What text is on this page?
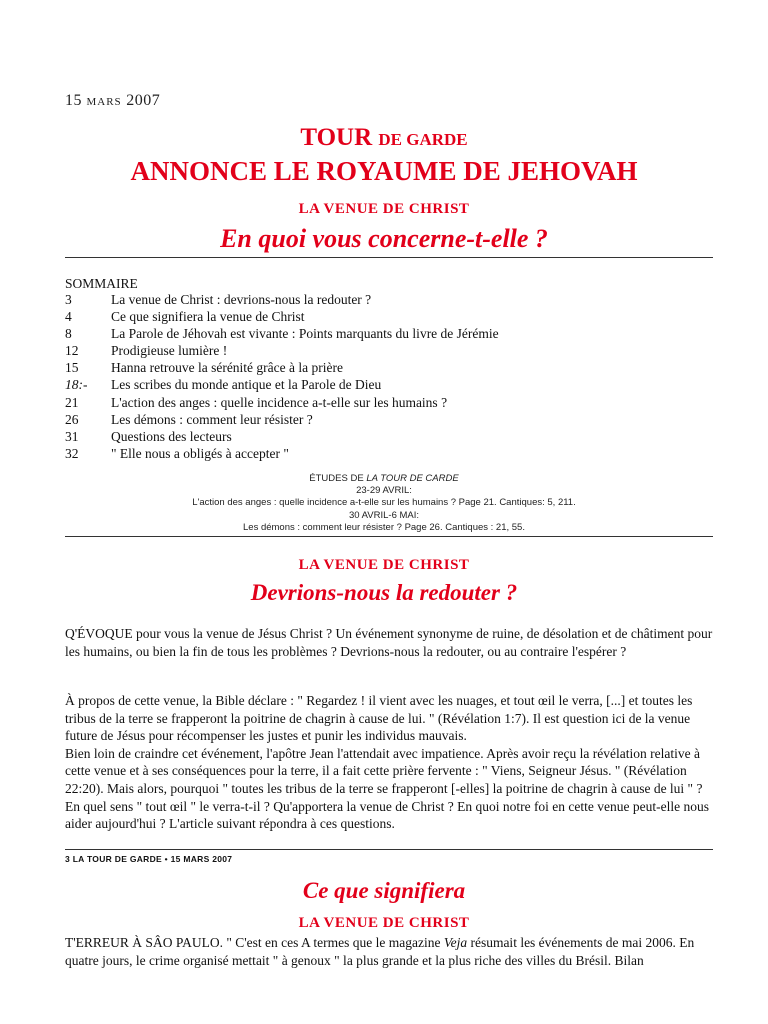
15 MARS 2007
TOUR DE GARDE
ANNONCE LE ROYAUME DE JEHOVAH
LA VENUE DE CHRIST
En quoi vous concerne-t-elle ?
SOMMAIRE
3	La venue de Christ : devrions-nous la redouter ?
4	Ce que signifiera la venue de Christ
8	La Parole de Jéhovah est vivante : Points marquants du livre de Jérémie
12 Prodigieuse lumière !
15 Hanna retrouve la sérénité grâce à la prière
18:- Les scribes du monde antique et la Parole de Dieu
21 L'action des anges : quelle incidence a-t-elle sur les humains ?
26 Les démons : comment leur résister ?
31 Questions des lecteurs
32 " Elle nous a obligés à accepter "
ÉTUDES DE LA TOUR DE CARDE
23-29 AVRIL:
L'action des anges : quelle incidence a-t-elle sur les humains ? Page 21. Cantiques: 5, 211.
30 AVRIL-6 MAI:
Les démons : comment leur résister ? Page 26. Cantiques : 21, 55.
LA VENUE DE CHRIST
Devrions-nous la redouter ?

Q'ÉVOQUE pour vous la venue de Jésus Christ ? Un événement synonyme de ruine, de désolation et de châtiment pour les humains, ou bien la fin de tous les problèmes ? Devrions-nous la redouter, ou au contraire l'espérer ?

À propos de cette venue, la Bible déclare : " Regardez ! il vient avec les nuages, et tout œil le verra, [...] et toutes les tribus de la terre se frapperont la poitrine de chagrin à cause de lui. " (Révélation 1:7). Il est question ici de la venue future de Jésus pour récompenser les justes et punir les individus mauvais.
Bien loin de craindre cet événement, l'apôtre Jean l'attendait avec impatience. Après avoir reçu la révélation relative à cette venue et à ses conséquences pour la terre, il a fait cette prière fervente : " Viens, Seigneur Jésus. " (Révélation 22:20). Mais alors, pourquoi " toutes les tribus de la terre se frapperont [-elles] la poitrine de chagrin à cause de lui " ? En quel sens " tout œil " le verra-t-il ? Qu'apportera la venue de Christ ? En quoi notre foi en cette venue peut-elle nous aider aujourd'hui ? L'article suivant répondra à ces questions.

3 LA TOUR DE GARDE • 15 MARS 2007
Ce que signifiera
LA VENUE DE CHRIST

T'ERREUR À SÂO PAULO. " C'est en ces A termes que le magazine Veja résumait les événements de mai 2006. En quatre jours, le crime organisé mettait " à genoux " la plus grande et la plus riche des villes du Brésil. Bilan
